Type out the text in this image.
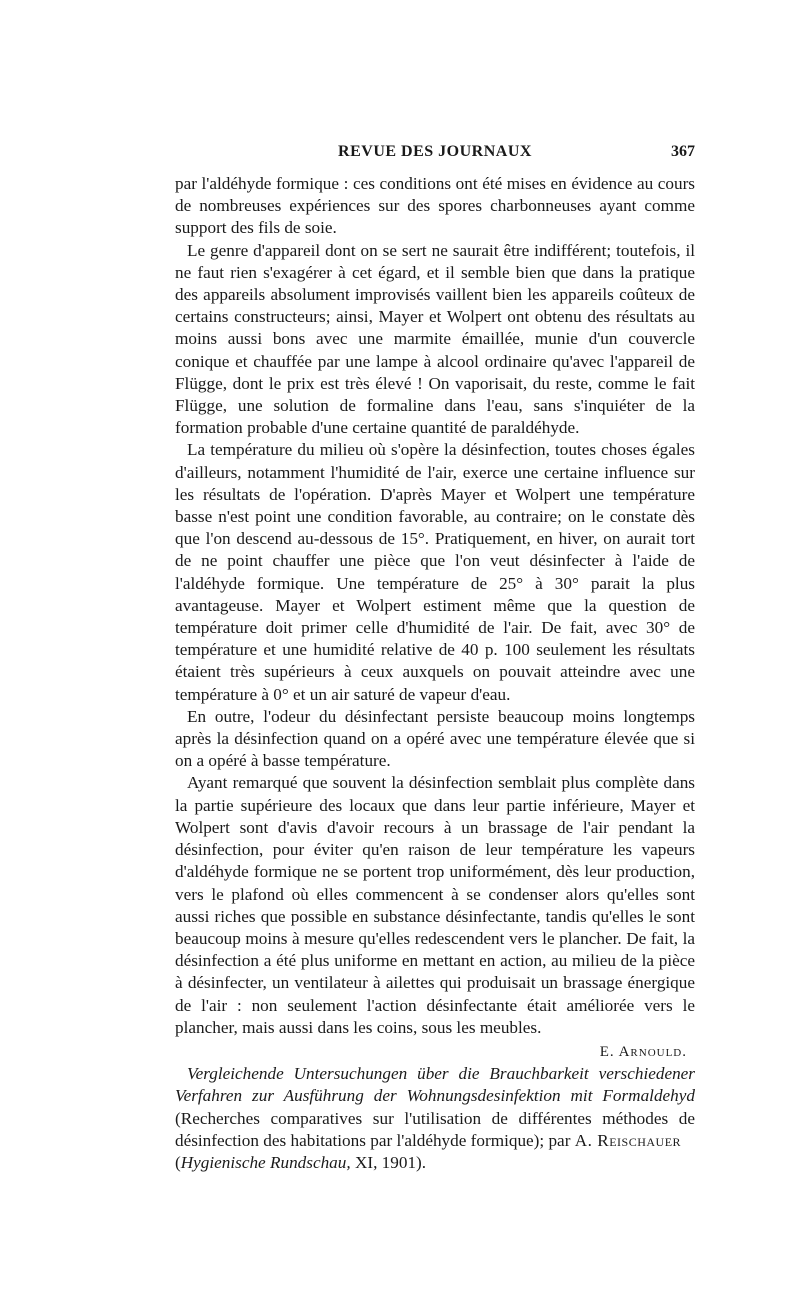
REVUE DES JOURNAUX	367

par l'aldéhyde formique : ces conditions ont été mises en évidence au cours de nombreuses expériences sur des spores charbonneuses ayant comme support des fils de soie.

Le genre d'appareil dont on se sert ne saurait être indifférent; toutefois, il ne faut rien s'exagérer à cet égard, et il semble bien que dans la pratique des appareils absolument improvisés vaillent bien les appareils coûteux de certains constructeurs; ainsi, Mayer et Wolpert ont obtenu des résultats au moins aussi bons avec une marmite émaillée, munie d'un couvercle conique et chauffée par une lampe à alcool ordinaire qu'avec l'appareil de Flügge, dont le prix est très élevé ! On vaporisait, du reste, comme le fait Flügge, une solution de formaline dans l'eau, sans s'inquiéter de la formation probable d'une certaine quantité de paraldéhyde.

La température du milieu où s'opère la désinfection, toutes choses égales d'ailleurs, notamment l'humidité de l'air, exerce une certaine influence sur les résultats de l'opération. D'après Mayer et Wolpert une température basse n'est point une condition favorable, au contraire; on le constate dès que l'on descend au-dessous de 15°. Pratiquement, en hiver, on aurait tort de ne point chauffer une pièce que l'on veut désinfecter à l'aide de l'aldéhyde formique. Une température de 25° à 30° parait la plus avantageuse. Mayer et Wolpert estiment même que la question de température doit primer celle d'humidité de l'air. De fait, avec 30° de température et une humidité relative de 40 p. 100 seulement les résultats étaient très supérieurs à ceux auxquels on pouvait atteindre avec une température à 0° et un air saturé de vapeur d'eau.

En outre, l'odeur du désinfectant persiste beaucoup moins longtemps après la désinfection quand on a opéré avec une température élevée que si on a opéré à basse température.

Ayant remarqué que souvent la désinfection semblait plus complète dans la partie supérieure des locaux que dans leur partie inférieure, Mayer et Wolpert sont d'avis d'avoir recours à un brassage de l'air pendant la désinfection, pour éviter qu'en raison de leur température les vapeurs d'aldéhyde formique ne se portent trop uniformément, dès leur production, vers le plafond où elles commencent à se condenser alors qu'elles sont aussi riches que possible en substance désinfectante, tandis qu'elles le sont beaucoup moins à mesure qu'elles redescendent vers le plancher. De fait, la désinfection a été plus uniforme en mettant en action, au milieu de la pièce à désinfecter, un ventilateur à ailettes qui produisait un brassage énergique de l'air : non seulement l'action désinfectante était améliorée vers le plancher, mais aussi dans les coins, sous les meubles.

E. Arnould.

Vergleichende Untersuchungen über die Brauchbarkeit verschiedener Verfahren zur Ausführung der Wohnungsdesinfektion mit Formaldehyd (Recherches comparatives sur l'utilisation de différentes méthodes de désinfection des habitations par l'aldéhyde formique); par A. Reischauer
(Hygienische Rundschau, XI, 1901).
